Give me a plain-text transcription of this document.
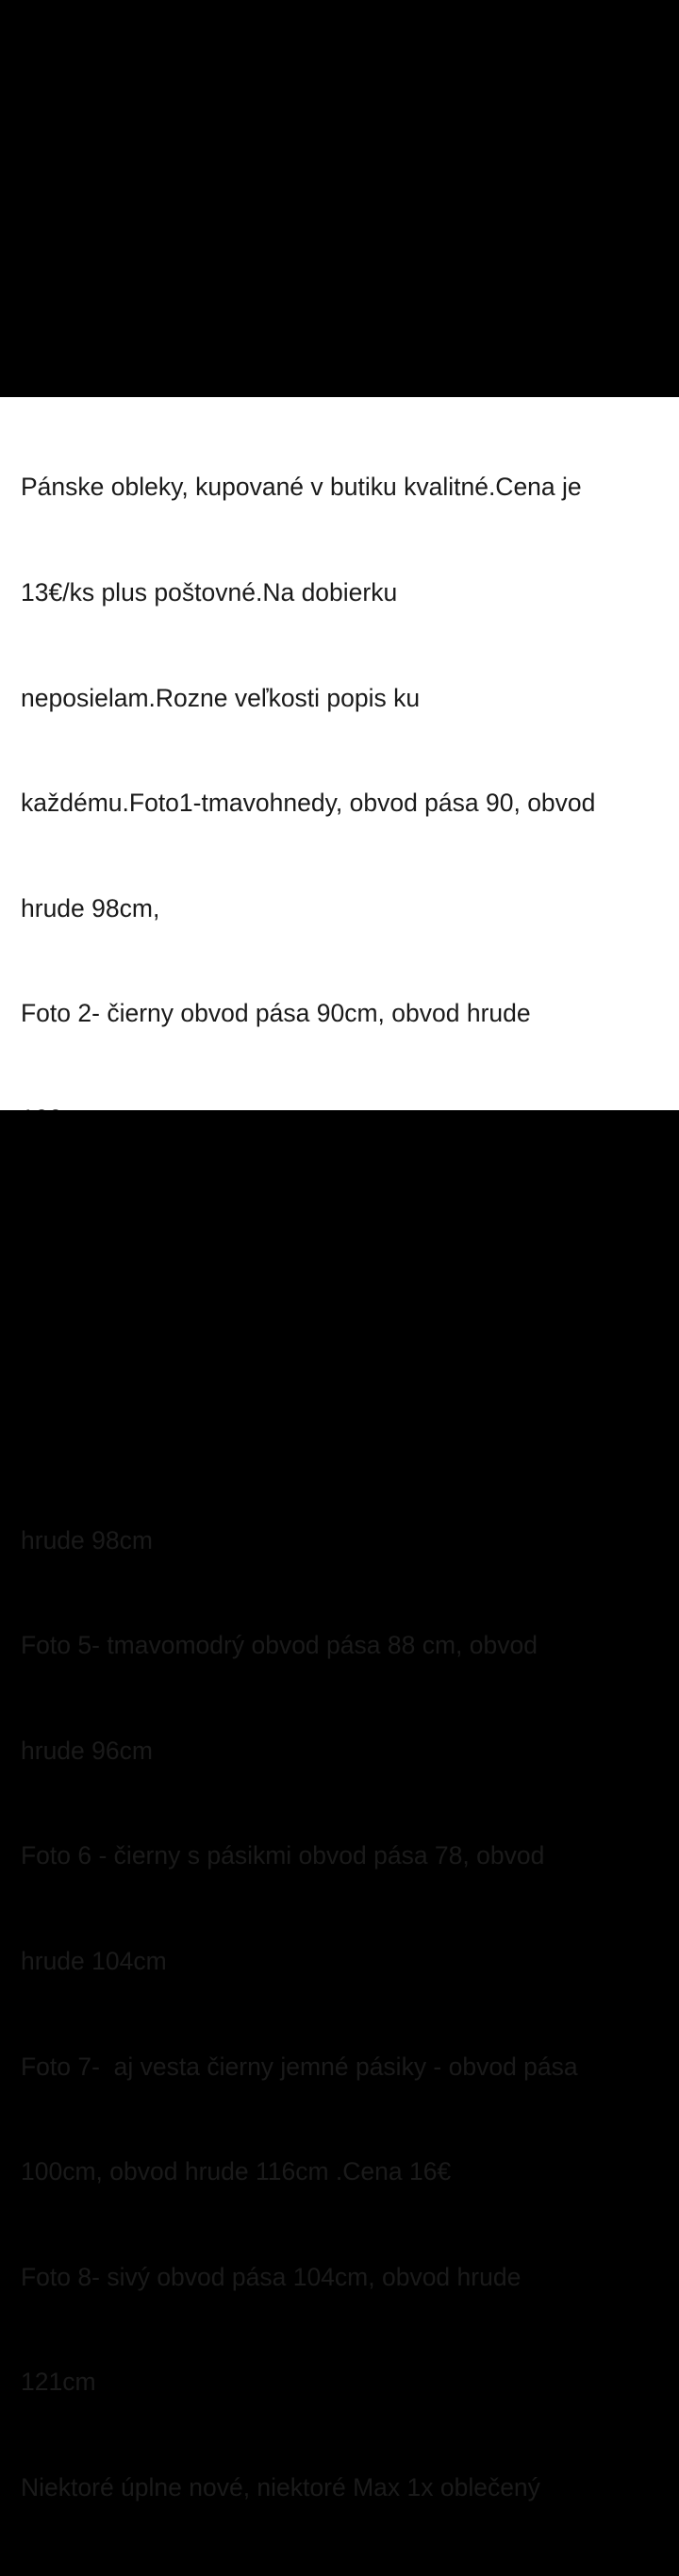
Pánske obleky, kupované v butiku kvalitné.Cena je

13€/ks plus poštovné.Na dobierku

neposielam.Rozne veľkosti popis ku

každému.Foto1-tmavohnedy, obvod pása 90, obvod

hrude 98cm,

Foto 2- čierny obvod pása 90cm, obvod hrude

hrude 98cm

Foto 5- tmavomodrý obvod pása 88 cm, obvod

hrude 96cm

Foto 6 - čierny s pásikmi obvod pása 78, obvod

hrude 104cm

Foto 7-  aj vesta čierny jemné pásiky - obvod pása

100cm, obvod hrude 116cm .Cena 16€

Foto 8- sivý obvod pása 104cm, obvod hrude

121cm

Niektoré úplne nové, niektoré Max 1x oblečený
